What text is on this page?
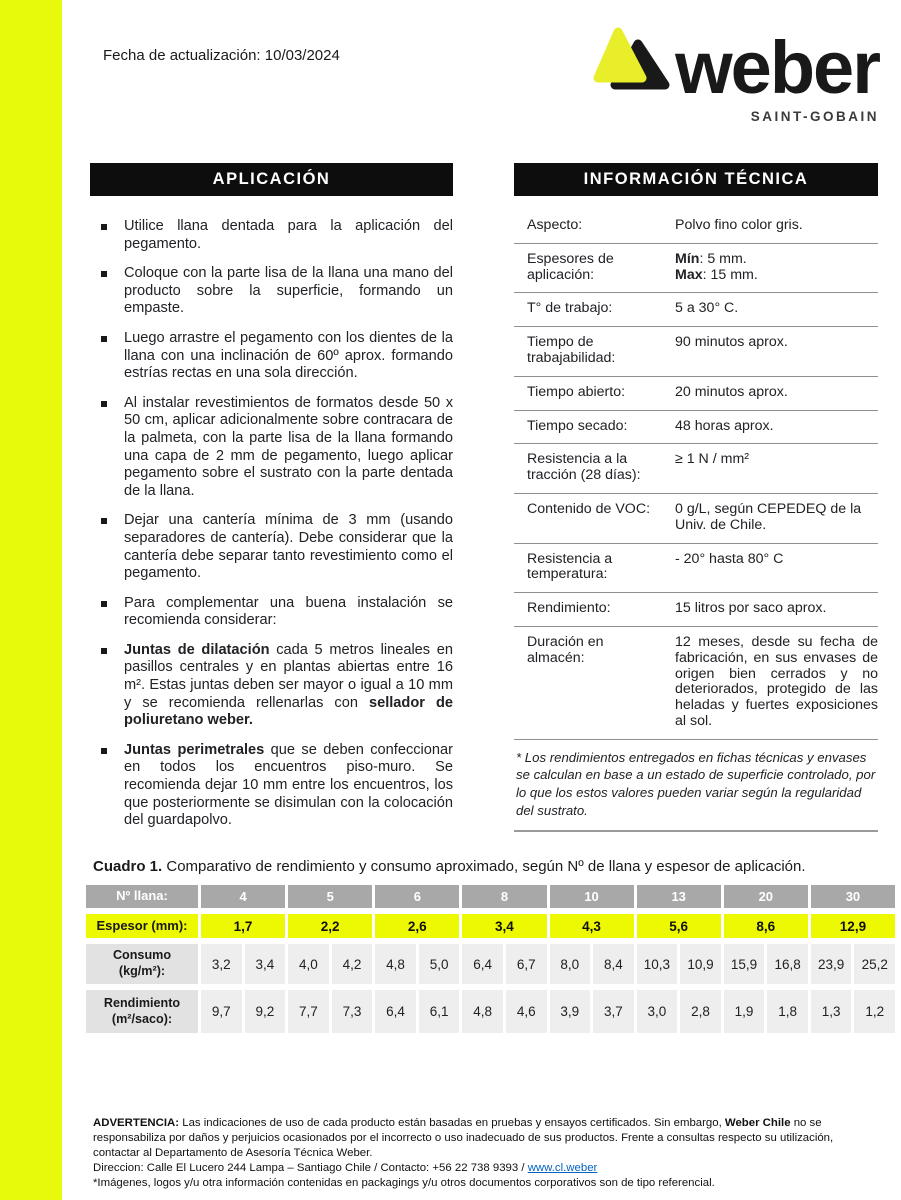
Fecha de actualización: 10/03/2024	weber
SAINT-GOBAIN
APLICACIÓN
Utilice llana dentada para la aplicación del pegamento.
Coloque con la parte lisa de la llana una mano del producto sobre la superficie, formando un empaste.
Luego arrastre el pegamento con los dientes de la llana con una inclinación de 60º aprox. formando estrías rectas en una sola dirección.
Al instalar revestimientos de formatos desde 50 x 50 cm, aplicar adicionalmente sobre contracara de la palmeta, con la parte lisa de la llana formando una capa de 2 mm de pegamento, luego aplicar pegamento sobre el sustrato con la parte dentada de la llana.
Dejar una cantería mínima de 3 mm (usando separadores de cantería). Debe considerar que la cantería debe separar tanto revestimiento como el pegamento.
Para complementar una buena instalación se recomienda considerar:
Juntas de dilatación cada 5 metros lineales en pasillos centrales y en plantas abiertas entre 16 m². Estas juntas deben ser mayor o igual a 10 mm y se recomienda rellenarlas con sellador de poliuretano weber.
Juntas perimetrales que se deben confeccionar en todos los encuentros piso-muro. Se recomienda dejar 10 mm entre los encuentros, los que posteriormente se disimulan con la colocación del guardapolvo.
INFORMACIÓN TÉCNICA
Aspecto:	Polvo fino color gris.
Espesores de aplicación:
Mín: 5 mm.
Max: 15 mm.
T° de trabajo:	5 a 30° C.
Tiempo de trabajabilidad:
90 minutos aprox.
Tiempo abierto:	20 minutos aprox.
Tiempo secado:	48 horas aprox.
Resistencia a la tracción (28 días):
≥ 1 N / mm²
Contenido de VOC:	0 g/L, según CEPEDEQ de la Univ. de Chile.
Resistencia a temperatura:
- 20° hasta 80° C
Rendimiento:	15 litros por saco aprox.
Duración en almacén:
12 meses, desde su fecha de fabricación, en sus envases de origen bien cerrados y no deteriorados, protegido de las heladas y fuertes exposiciones al sol.
* Los rendimientos entregados en fichas técnicas y envases se calculan en base a un estado de superficie controlado, por lo que los estos valores pueden variar según la regularidad del sustrato.
Cuadro 1. Comparativo de rendimiento y consumo aproximado, según Nº de llana y espesor de aplicación.
Nº llana:	4		5		6		8		10		13		20		30	
Espesor (mm):	1,7		2,2		2,6		3,4		4,3		5,6		8,6		12,9	

Consumo
(kg/m²):	3,2	3,4	4,0	4,2	4,8	5,0	6,4	6,7	8,0	8,4	10,3	10,9	15,9	16,8	23,9	25,2

Rendimiento
(m²/saco):	9,7	9,2	7,7	7,3	6,4	6,1	4,8	4,6	3,9	3,7	3,0	2,8	1,9	1,8	1,3	1,2

ADVERTENCIA: Las indicaciones de uso de cada producto están basadas en pruebas y ensayos certificados. Sin embargo, Weber Chile no se responsabiliza por daños y perjuicios ocasionados por el incorrecto o uso inadecuado de sus productos. Frente a consultas respecto su utilización, contactar al Departamento de Asesoría Técnica Weber.

Direccion: Calle El Lucero 244 Lampa – Santiago Chile / Contacto: +56 22 738 9393 / www.cl.weber

*Imágenes, logos y/u otra información contenidas en packagings y/u otros documentos corporativos son de tipo referencial.
